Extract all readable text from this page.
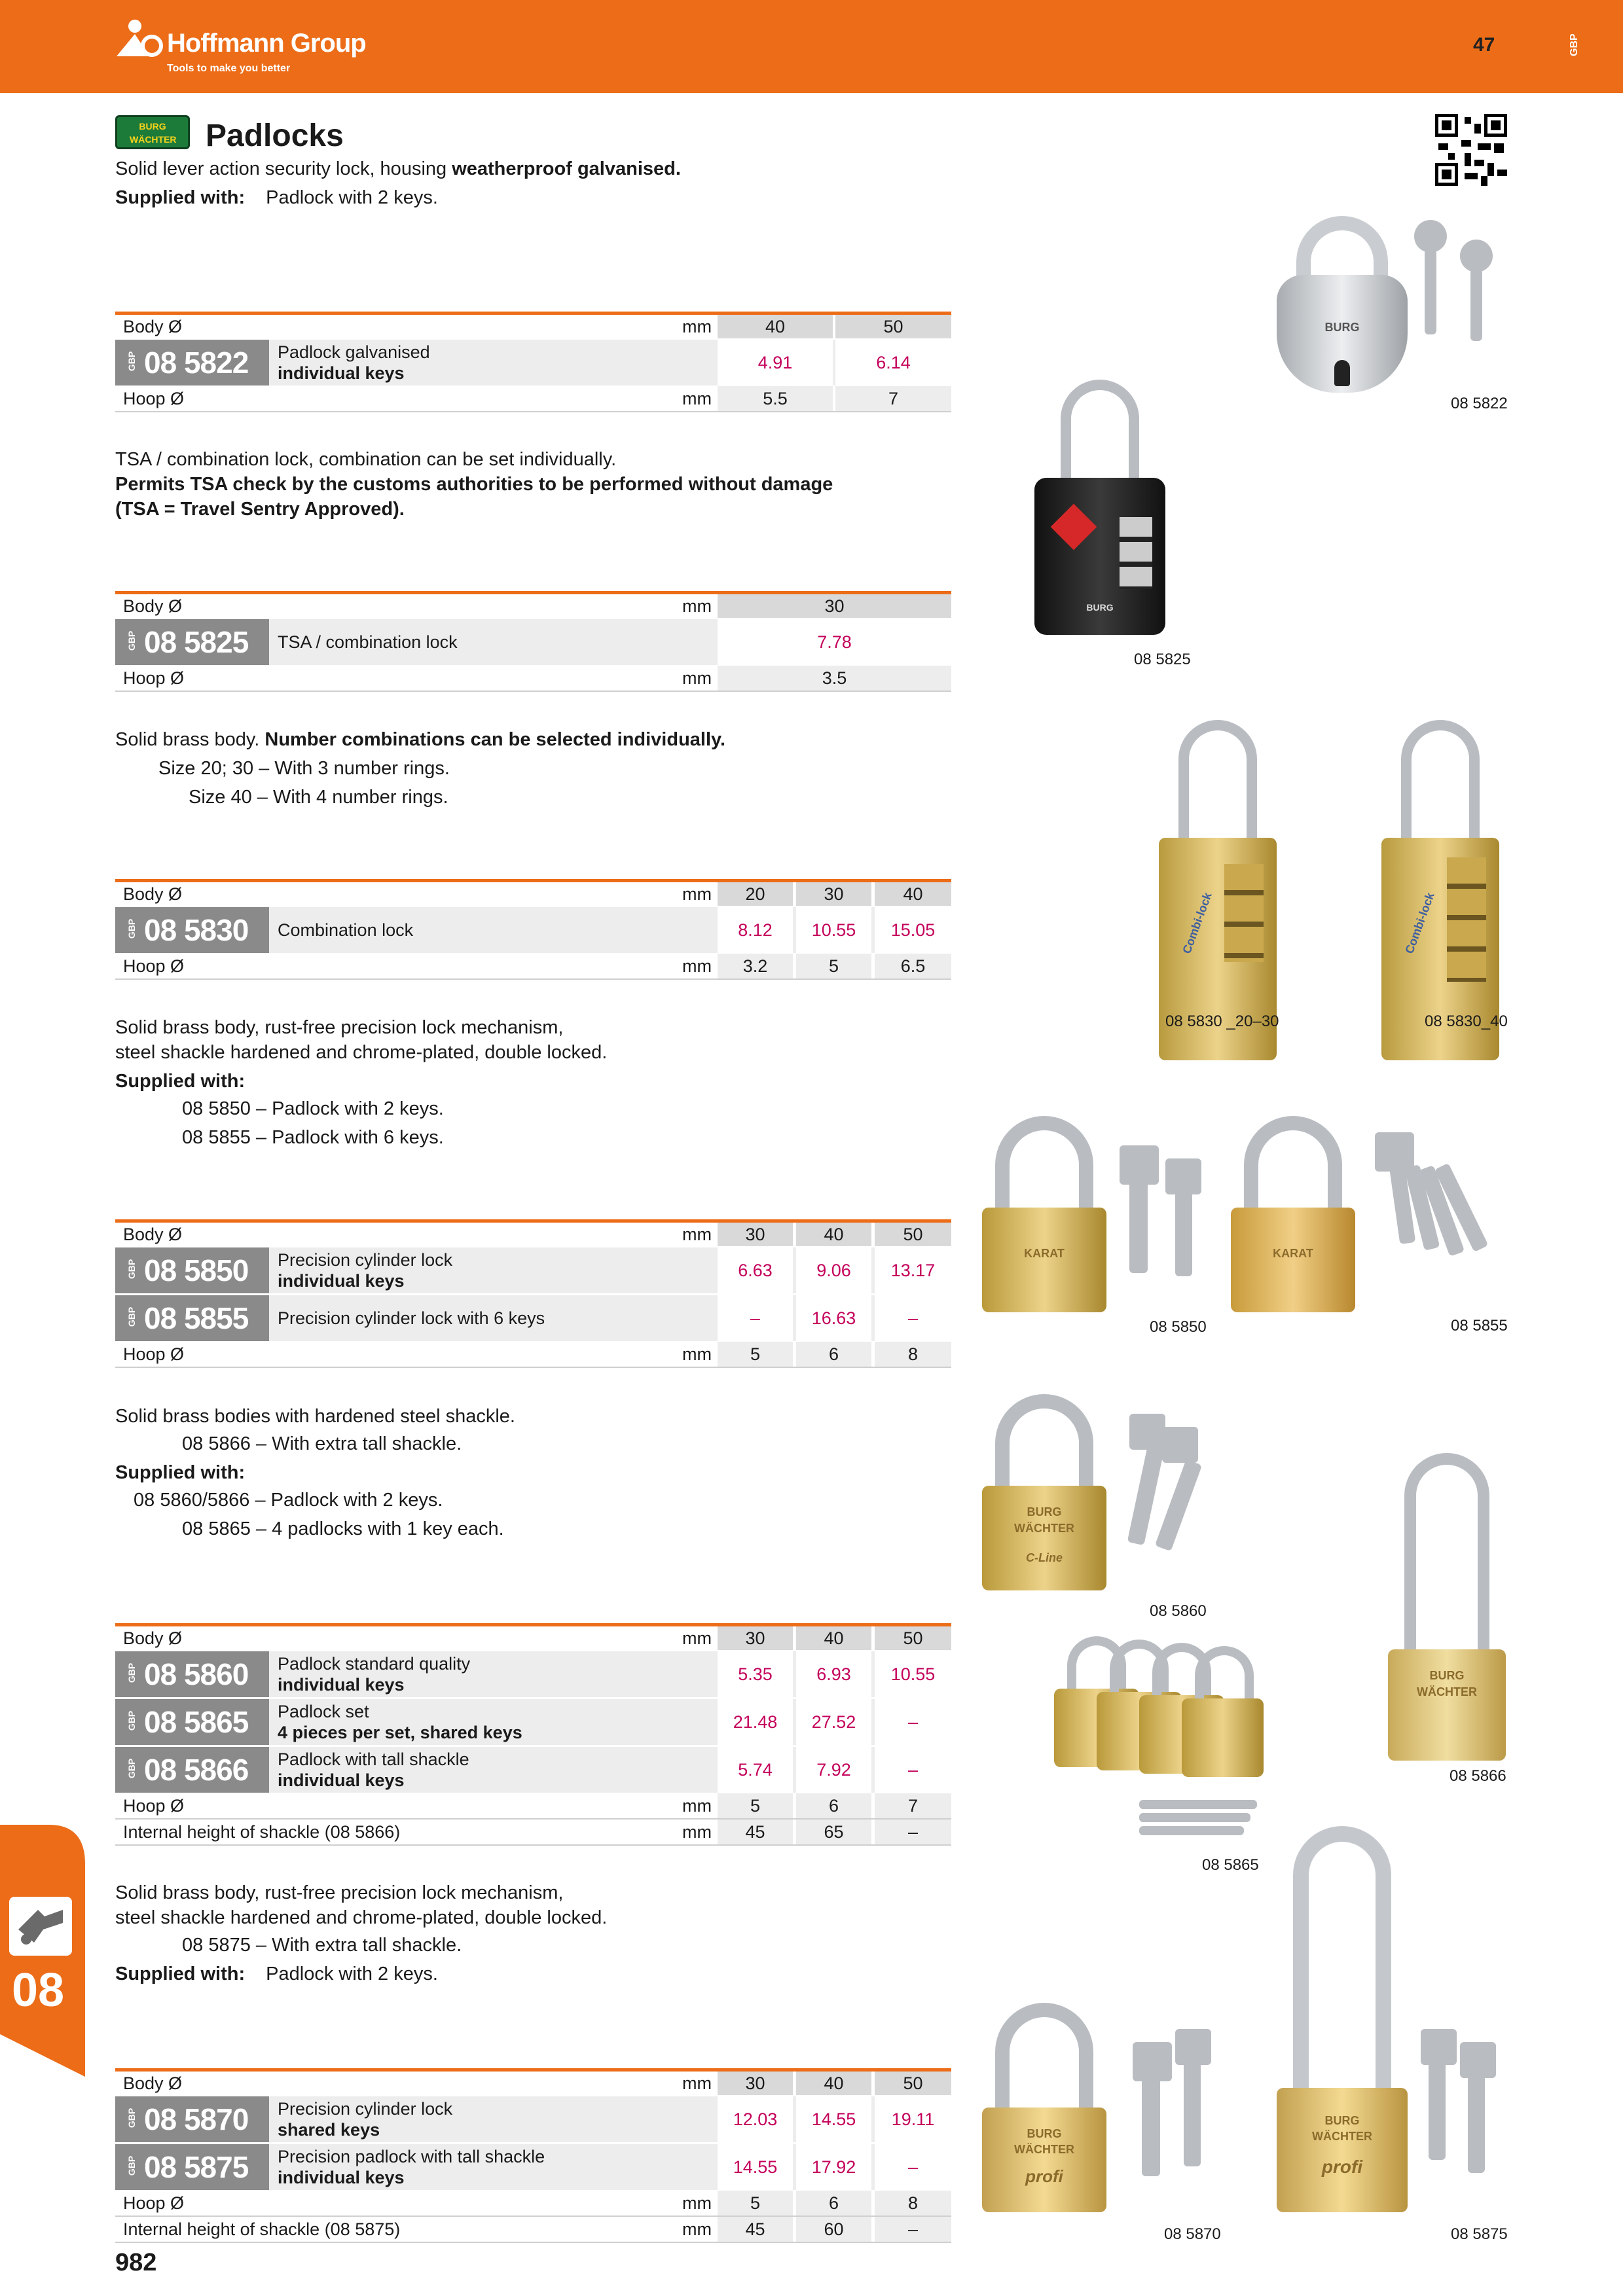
Hoffmann Group
Tools to make you better
47	GBP
08
BURG WÄCHTER Padlocks
Solid lever action security lock, housing weatherproof galvanised.
Supplied with: Padlock with 2 keys.
Body Ø	mm	40	50
GBP 08 5822 Padlock galvanised
individual keys
4.91	6.14
Hoop Ø	mm	5.5	7
TSA / combination lock, combination can be set individually.
Permits TSA check by the customs authorities to be performed without damage
(TSA = Travel Sentry Approved).
Body Ø	mm	30
GBP 08 5825 TSA / combination lock	7.78
Hoop Ø	mm	3.5
Solid brass body. Number combinations can be selected individually.
Size 20; 30 – With 3 number rings.
Size 40 – With 4 number rings.
Body Ø	mm	20	30	40
GBP 08 5830 Combination lock	8.12	10.55	15.05
Hoop Ø	mm	3.2	5	6.5
Solid brass body, rust-free precision lock mechanism,
steel shackle hardened and chrome-plated, double locked.
Supplied with:
08 5850 – Padlock with 2 keys.
08 5855 – Padlock with 6 keys.
Body Ø	mm	30	40	50
GBP 08 5850 Precision cylinder lock
individual keys
6.63	9.06	13.17
GBP 08 5855 Precision cylinder lock with 6 keys	–	16.63	–
Hoop Ø	mm	5	6	8
Solid brass bodies with hardened steel shackle.
08 5866 – With extra tall shackle.
Supplied with:
08 5860/5866 – Padlock with 2 keys.
08 5865 – 4 padlocks with 1 key each.
Body Ø	mm	30	40	50
GBP 08 5860 Padlock standard quality
individual keys
5.35	6.93	10.55
GBP 08 5865 Padlock set
4 pieces per set, shared keys
21.48	27.52	–
GBP 08 5866 Padlock with tall shackle
individual keys
5.74	7.92	–
Hoop Ø	mm	5	6	7
Internal height of shackle (08 5866)	mm	45	65	–
Solid brass body, rust-free precision lock mechanism,
steel shackle hardened and chrome-plated, double locked.
08 5875 – With extra tall shackle.
Supplied with: Padlock with 2 keys.
Body Ø	mm	30	40	50
GBP 08 5870 Precision cylinder lock
shared keys
12.03	14.55	19.11
GBP 08 5875 Precision padlock with tall shackle
individual keys
14.55	17.92	–
Hoop Ø	mm	5	6	8
Internal height of shackle (08 5875)	mm	45	60	–
982
BURG
08 5822
BURG
08 5825
Combi-lock	Combi-lock
08 5830 _20–30	08 5830_40
KARAT	KARAT
08 5850	08 5855
BURG
WÄCHTER
C-Line
08 5860
BURG
WÄCHTER
08 5866
08 5865
BURG
WÄCHTER
profi
08 5870
BURG
WÄCHTER
profi
08 5875
